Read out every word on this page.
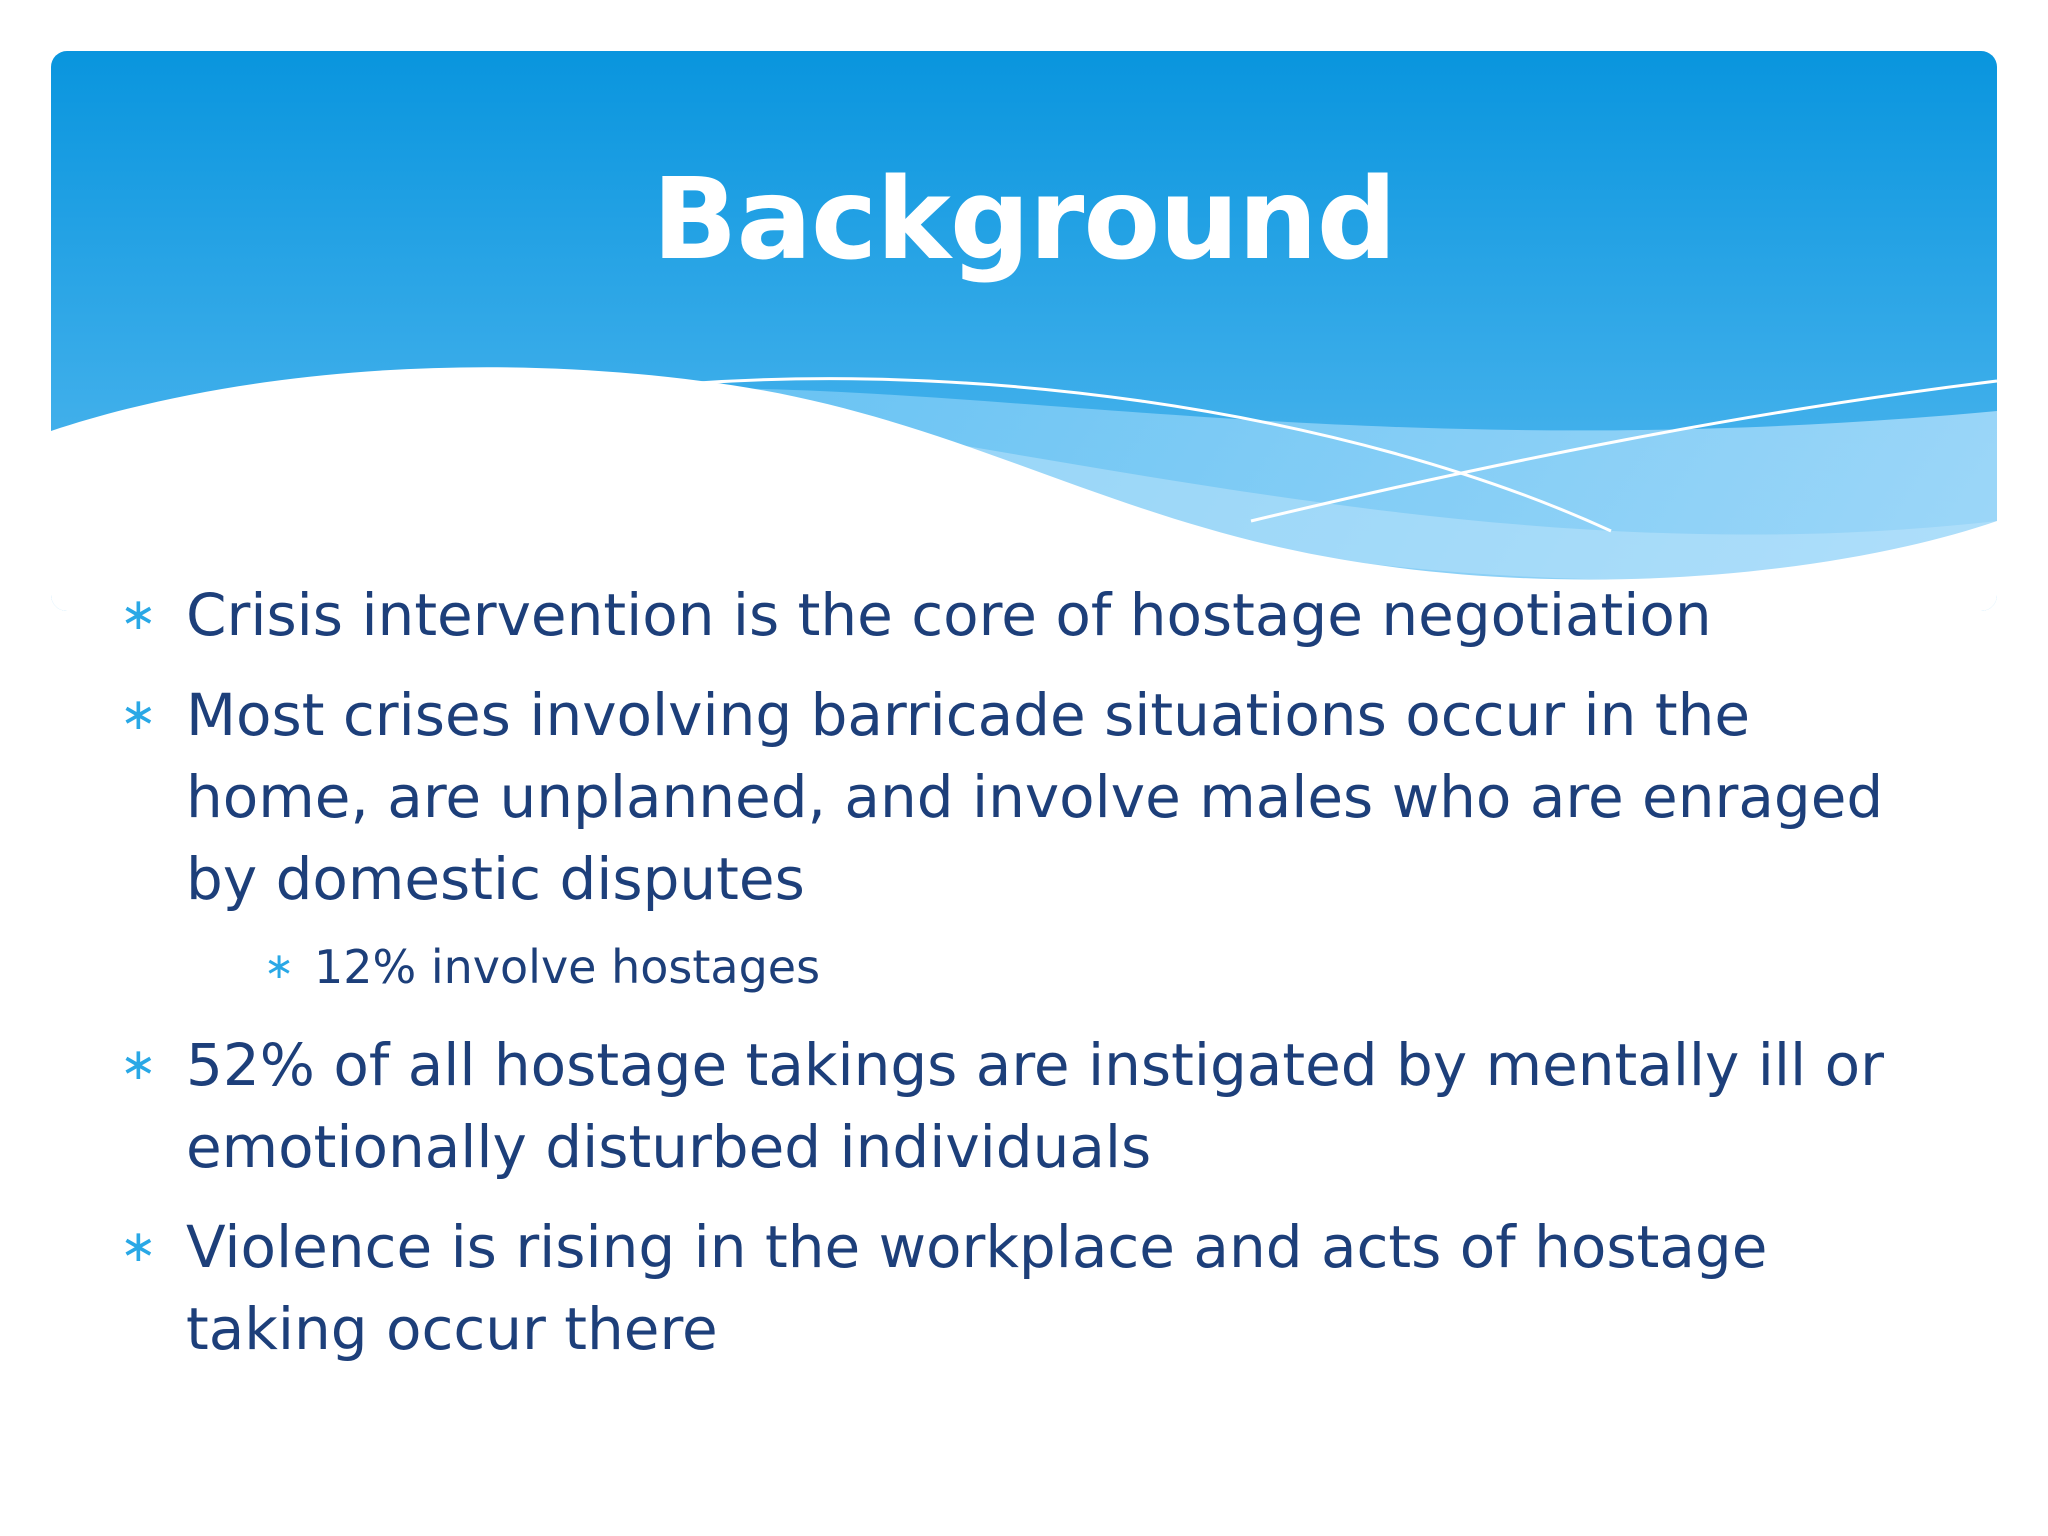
Background
∗ Crisis intervention is the core of hostage negotiation
∗ Most crises involving barricade situations occur in the home, are unplanned, and involve males who are enraged by domestic disputes
∗ 12% involve hostages
∗ 52% of all hostage takings are instigated by mentally ill or emotionally disturbed individuals
∗ Violence is rising in the workplace and acts of hostage taking occur there
